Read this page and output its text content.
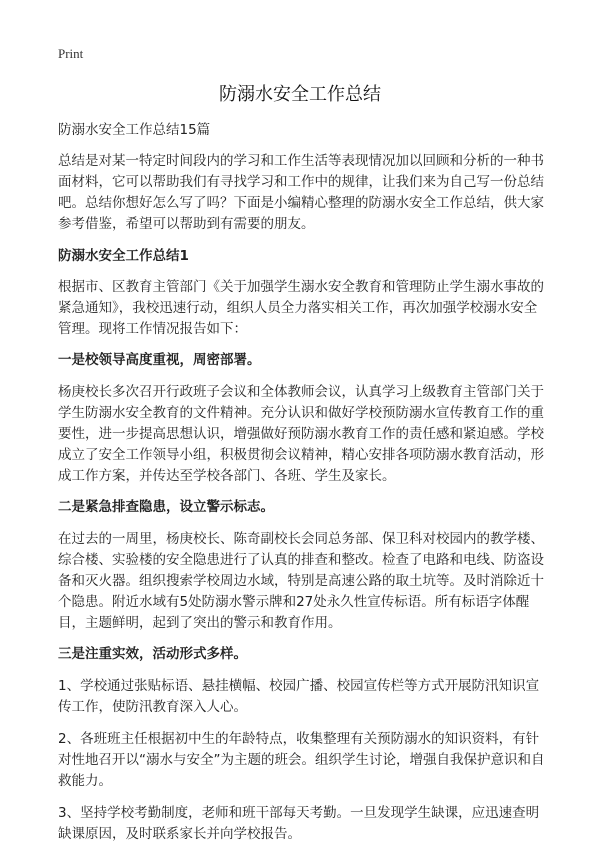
Print
防溺水安全工作总结

防溺水安全工作总结15篇

总结是对某一特定时间段内的学习和工作生活等表现情况加以回顾和分析的一种书面材料，它可以帮助我们有寻找学习和工作中的规律，让我们来为自己写一份总结吧。总结你想好怎么写了吗？下面是小编精心整理的防溺水安全工作总结，供大家参考借鉴，希望可以帮助到有需要的朋友。

防溺水安全工作总结1

根据市、区教育主管部门《关于加强学生溺水安全教育和管理防止学生溺水事故的紧急通知》，我校迅速行动，组织人员全力落实相关工作，再次加强学校溺水安全管理。现将工作情况报告如下：

一是校领导高度重视，周密部署。

杨庚校长多次召开行政班子会议和全体教师会议，认真学习上级教育主管部门关于学生防溺水安全教育的文件精神。充分认识和做好学校预防溺水宣传教育工作的重要性，进一步提高思想认识，增强做好预防溺水教育工作的责任感和紧迫感。学校成立了安全工作领导小组，积极贯彻会议精神，精心安排各项防溺水教育活动，形成工作方案，并传达至学校各部门、各班、学生及家长。

二是紧急排查隐患，设立警示标志。

在过去的一周里，杨庚校长、陈奇副校长会同总务部、保卫科对校园内的教学楼、综合楼、实验楼的安全隐患进行了认真的排查和整改。检查了电路和电线、防盗设备和灭火器。组织搜索学校周边水域，特别是高速公路的取土坑等。及时消除近十个隐患。附近水域有5处防溺水警示牌和27处永久性宣传标语。所有标语字体醒目，主题鲜明，起到了突出的警示和教育作用。

三是注重实效，活动形式多样。

1、学校通过张贴标语、悬挂横幅、校园广播、校园宣传栏等方式开展防汛知识宣传工作，使防汛教育深入人心。

2、各班班主任根据初中生的年龄特点，收集整理有关预防溺水的知识资料，有针对性地召开以“溺水与安全”为主题的班会。组织学生讨论，增强自我保护意识和自救能力。

3、坚持学校考勤制度，老师和班干部每天考勤。一旦发现学生缺课，应迅速查明缺课原因，及时联系家长并向学校报告。
